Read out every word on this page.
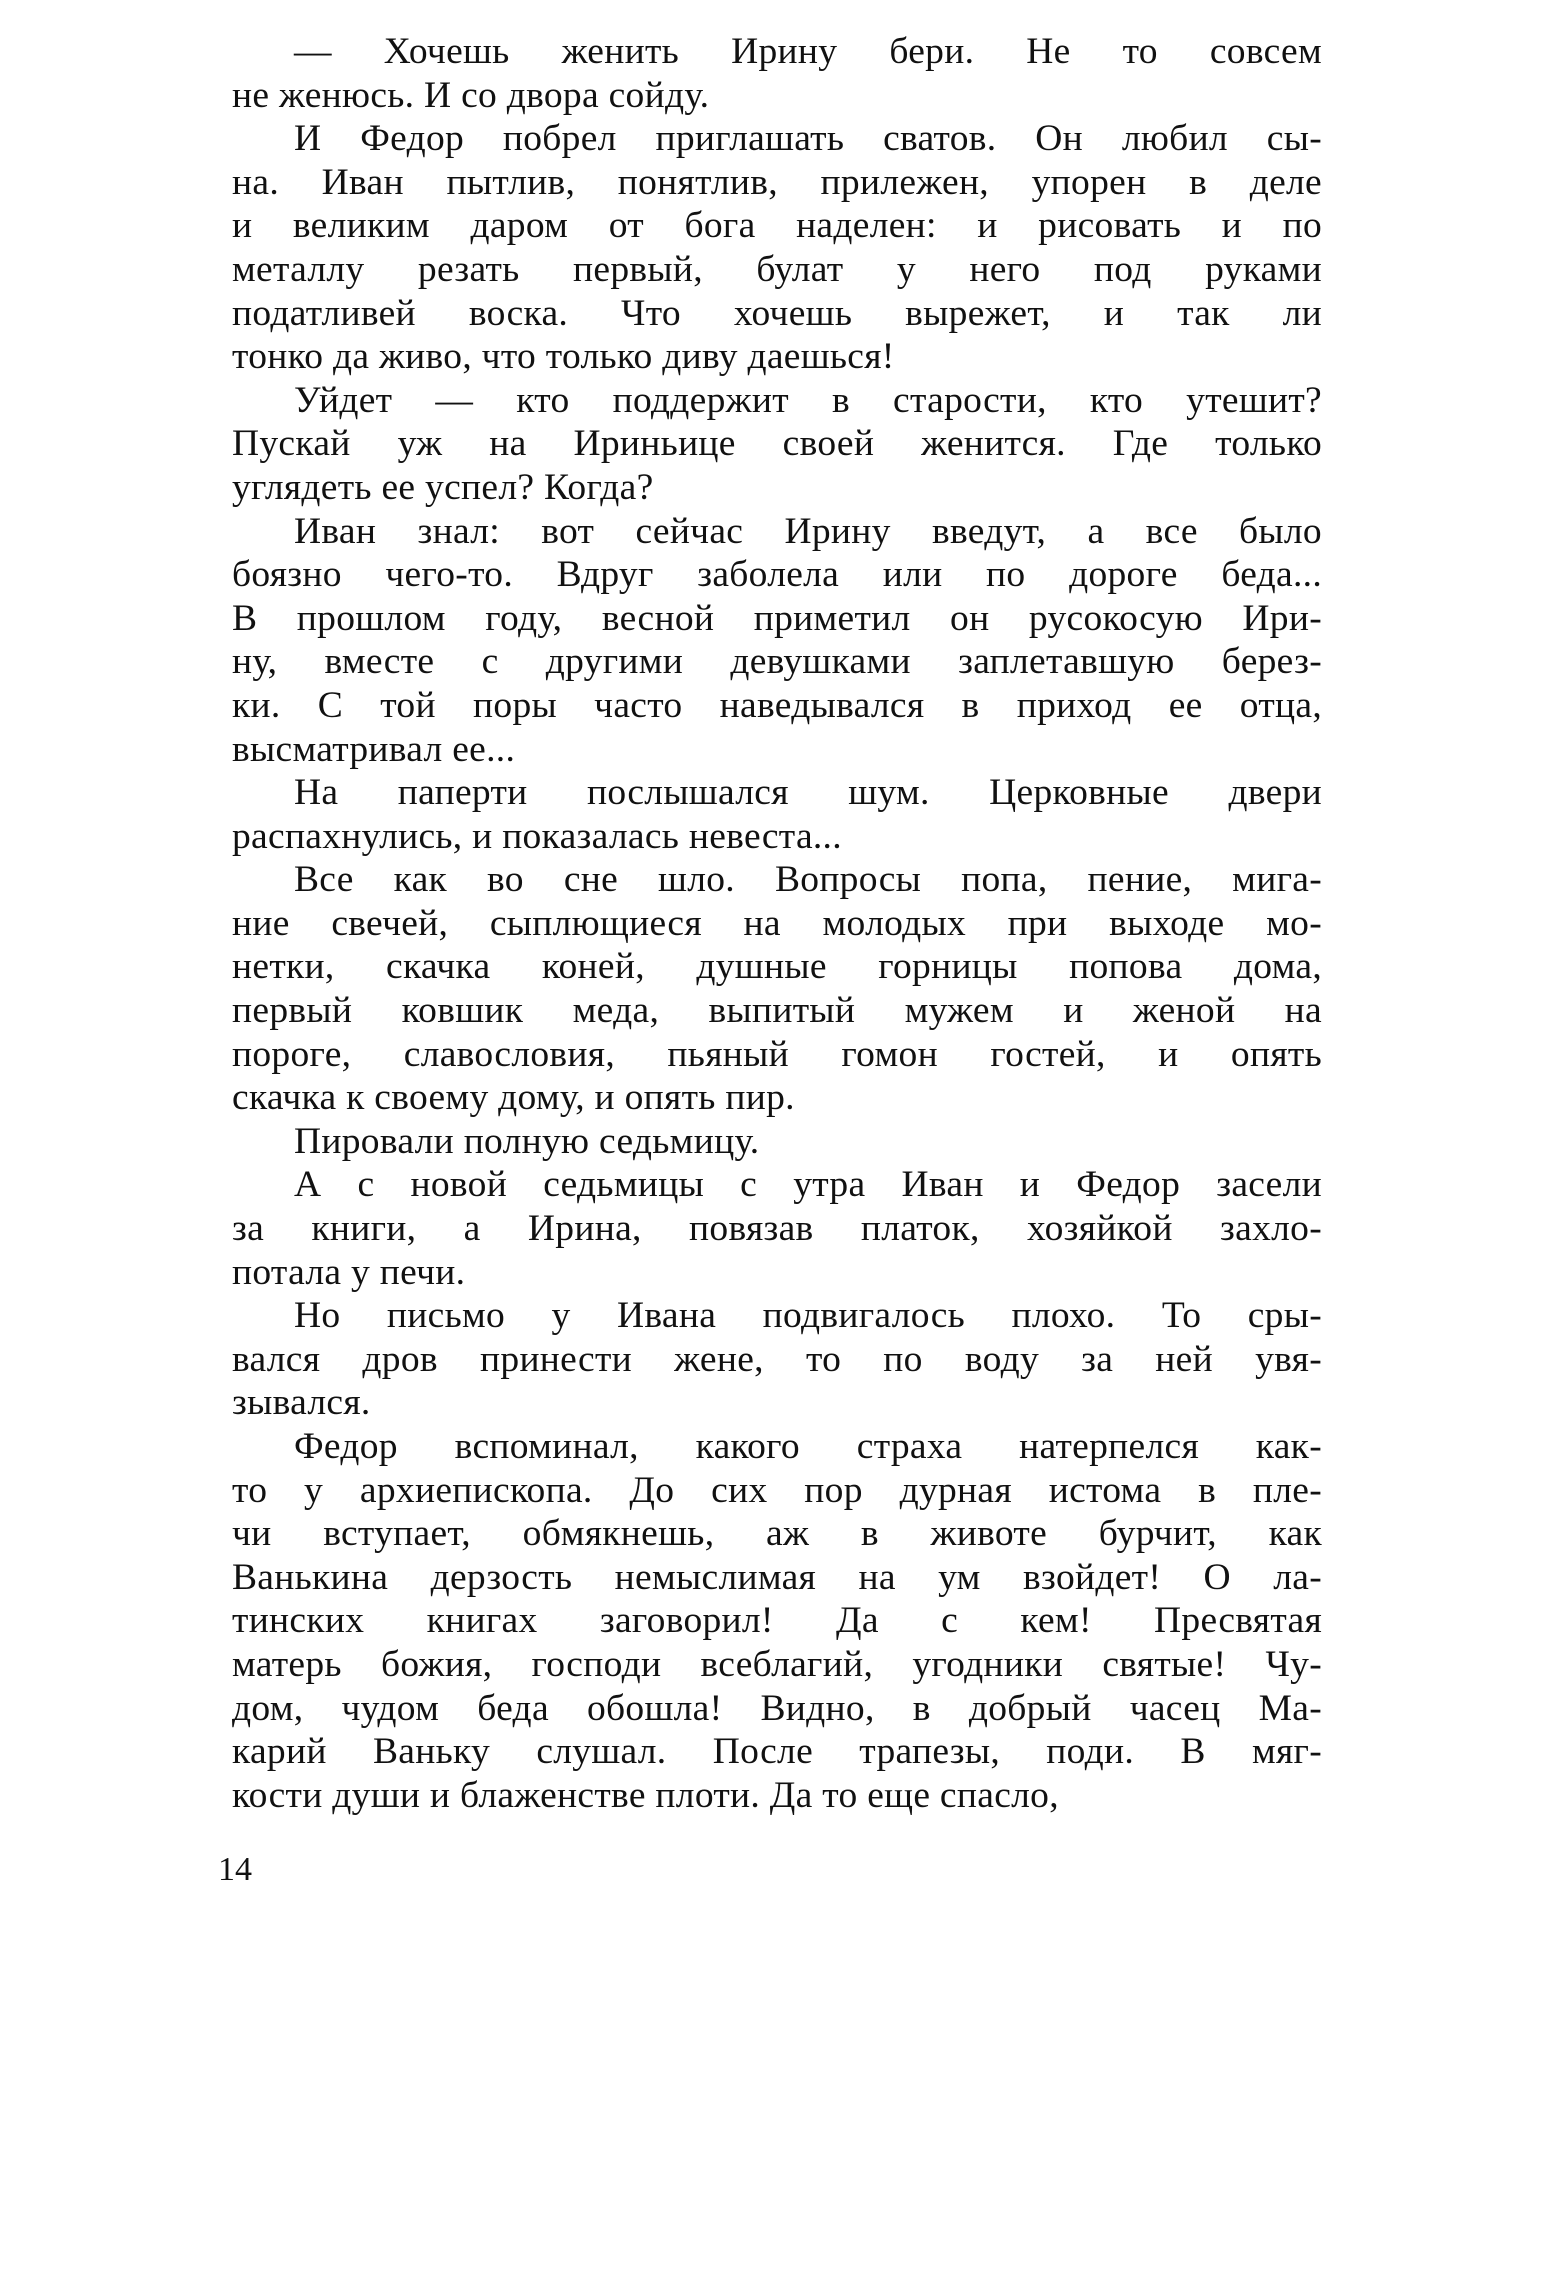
— Хочешь женить Ирину бери. Не то совсем
не женюсь. И со двора сойду.
И Федор побрел приглашать сватов. Он любил сы-
на. Иван пытлив, понятлив, прилежен, упорен в деле
и великим даром от бога наделен: и рисовать и по
металлу резать первый, булат у него под руками
податливей воска. Что хочешь вырежет, и так ли
тонко да живо, что только диву даешься!
Уйдет — кто поддержит в старости, кто утешит?
Пускай уж на Ириньице своей женится. Где только
углядеть ее успел? Когда?
Иван знал: вот сейчас Ирину введут, а все было
боязно чего-то. Вдруг заболела или по дороге беда...
В прошлом году, весной приметил он русокосую Ири-
ну, вместе с другими девушками заплетавшую берез-
ки. С той поры часто наведывался в приход ее отца,
высматривал ее...
На паперти послышался шум. Церковные двери
распахнулись, и показалась невеста...
Все как во сне шло. Вопросы попа, пение, мига-
ние свечей, сыплющиеся на молодых при выходе мо-
нетки, скачка коней, душные горницы попова дома,
первый ковшик меда, выпитый мужем и женой на
пороге, славословия, пьяный гомон гостей, и опять
скачка к своему дому, и опять пир.
Пировали полную седьмицу.
А с новой седьмицы с утра Иван и Федор засели
за книги, а Ирина, повязав платок, хозяйкой захло-
потала у печи.
Но письмо у Ивана подвигалось плохо. То сры-
вался дров принести жене, то по воду за ней увя-
зывался.
Федор вспоминал, какого страха натерпелся как-
то у архиепископа. До сих пор дурная истома в пле-
чи вступает, обмякнешь, аж в животе бурчит, как
Ванькина дерзость немыслимая на ум взойдет! О ла-
тинских книгах заговорил! Да с кем! Пресвятая
матерь божия, господи всеблагий, угодники святые! Чу-
дом, чудом беда обошла! Видно, в добрый часец Ма-
карий Ваньку слушал. После трапезы, поди. В мяг-
кости души и блаженстве плоти. Да то еще спасло,
14
